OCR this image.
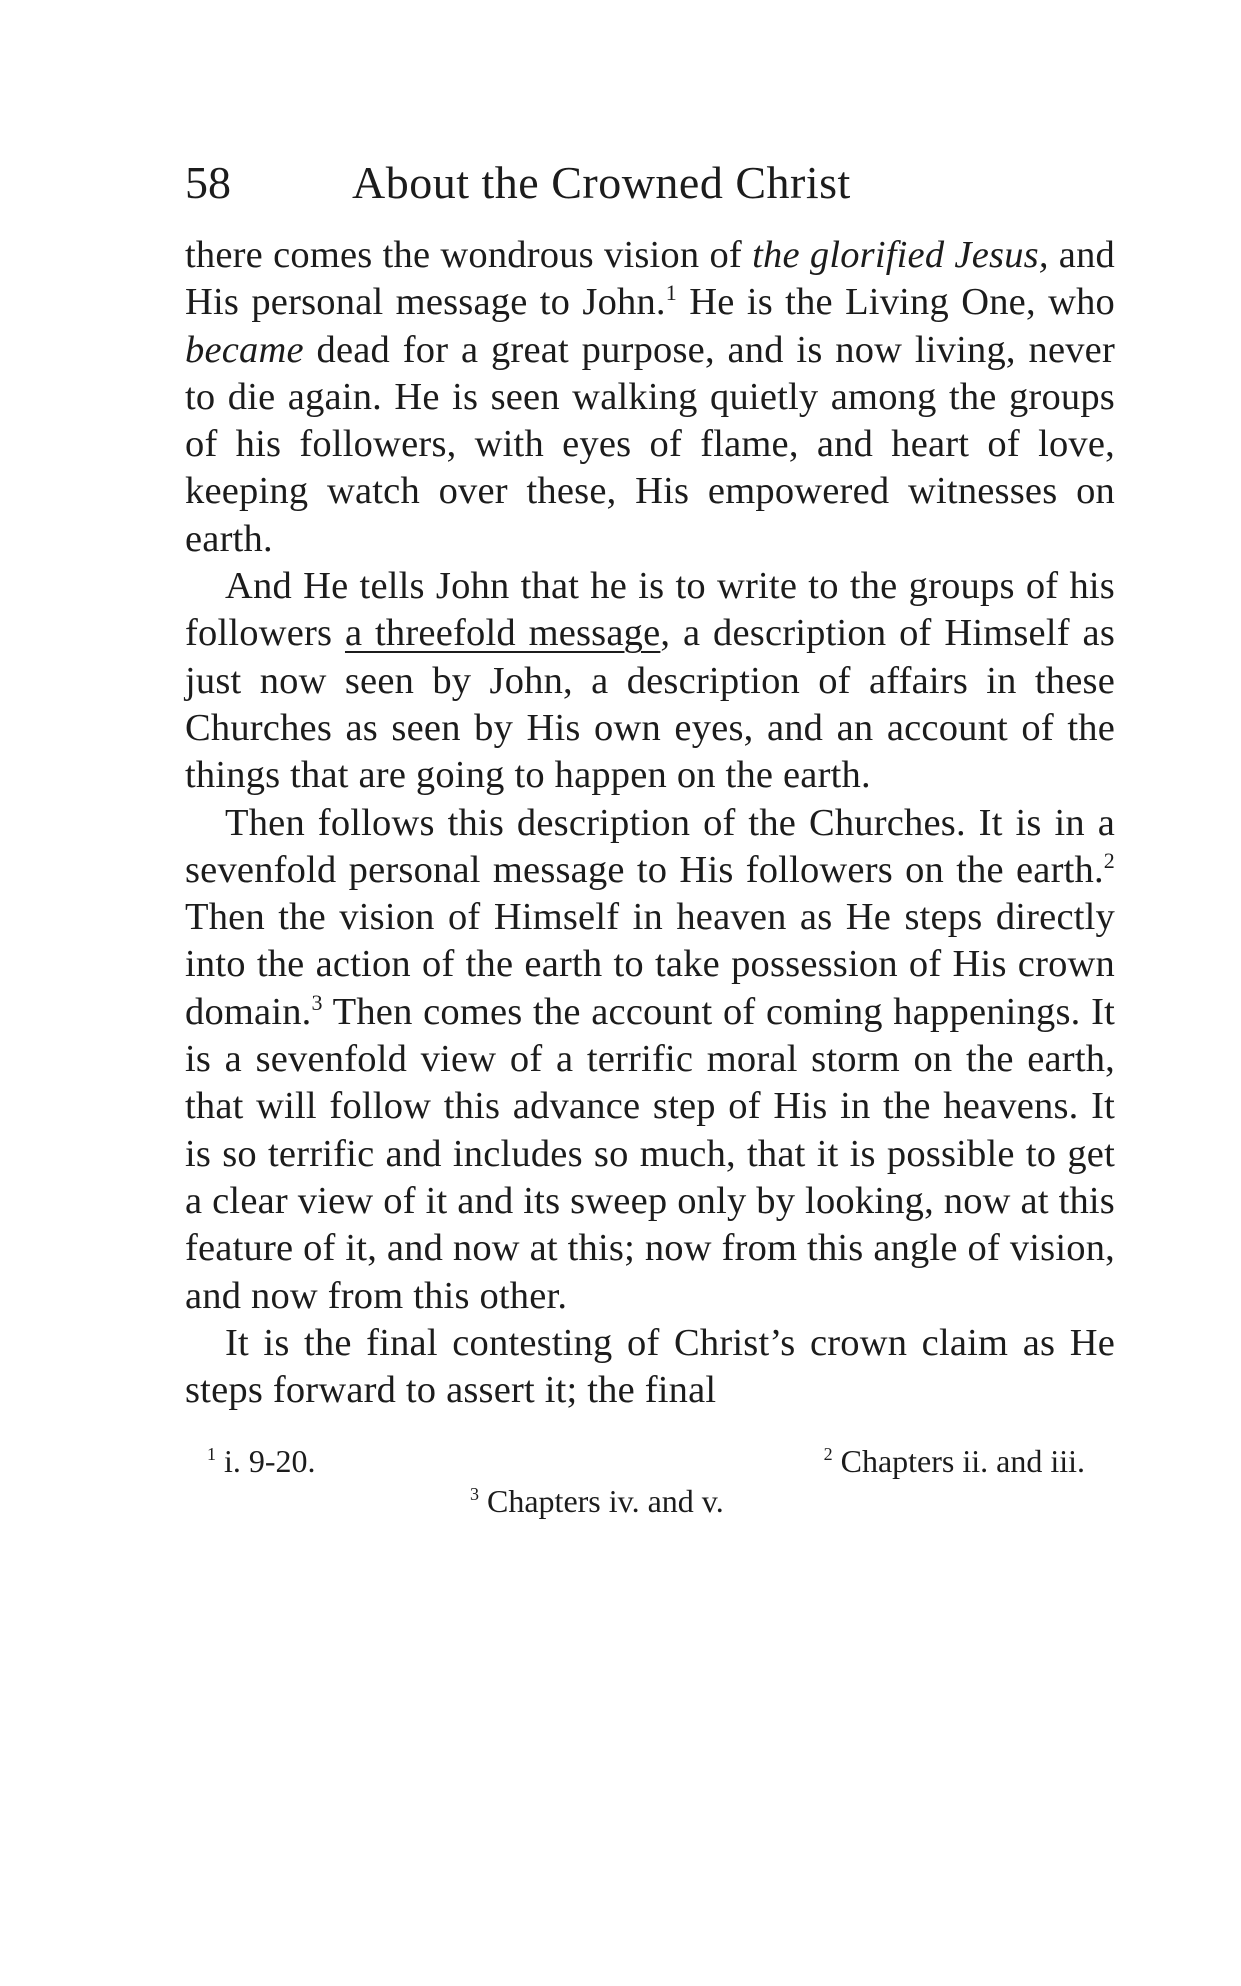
58	About the Crowned Christ

there comes the wondrous vision of the glorified Jesus, and His personal message to John.$^1$ He is the Living One, who became dead for a great purpose, and is now living, never to die again. He is seen walking quietly among the groups of his followers, with eyes of flame, and heart of love, keeping watch over these, His empowered witnesses on earth.

And He tells John that he is to write to the groups of his followers a threefold message, a description of Himself as just now seen by John, a description of affairs in these Churches as seen by His own eyes, and an account of the things that are going to happen on the earth.

Then follows this description of the Churches. It is in a sevenfold personal message to His followers on the earth.$^2$ Then the vision of Himself in heaven as He steps directly into the action of the earth to take possession of His crown domain.$^3$ Then comes the account of coming happenings. It is a sevenfold view of a terrific moral storm on the earth, that will follow this advance step of His in the heavens. It is so terrific and includes so much, that it is possible to get a clear view of it and its sweep only by looking, now at this feature of it, and now at this; now from this angle of vision, and now from this other.

It is the final contesting of Christ’s crown claim as He steps forward to assert it; the final

$^1$ i. 9-20.	$^2$ Chapters ii. and iii.
$^3$ Chapters iv. and v.
